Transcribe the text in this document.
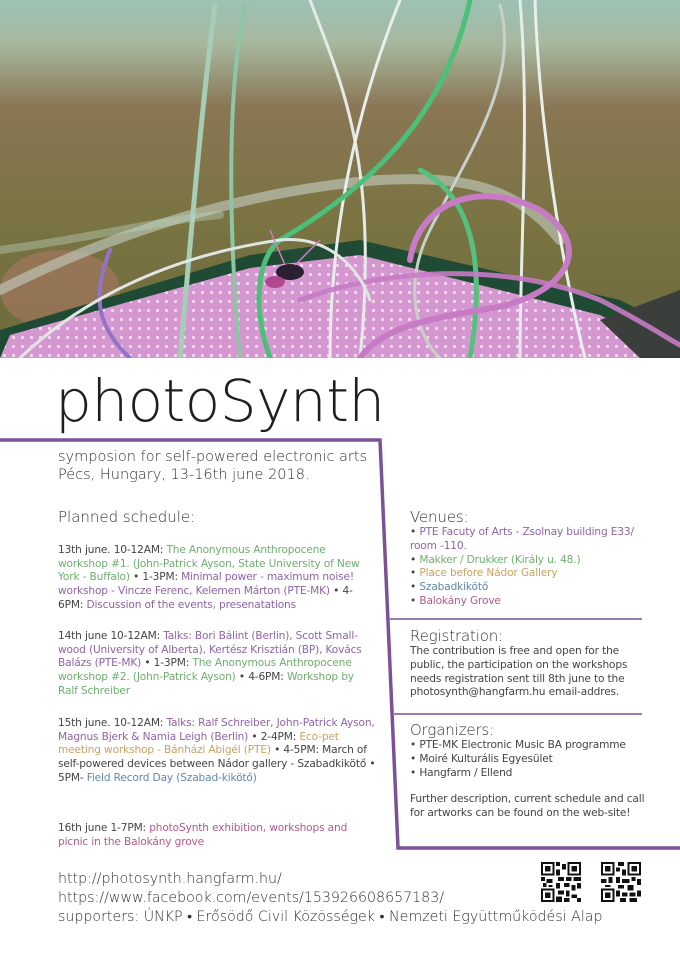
photoSynth
symposion for self-powered electronic arts
Pécs, Hungary, 13-16th june 2018.
Planned schedule:
13th june. 10-12AM: The Anonymous Anthropocene workshop #1. (John-Patrick Ayson, State University of New York - Buffalo) • 1-3PM: Minimal power - maximum noise! workshop - Vincze Ferenc, Kelemen Márton (PTE-MK) • 4-6PM: Discussion of the events, presenatations
14th june 10-12AM: Talks: Bori Bálint (Berlin), Scott Small-wood (University of Alberta), Kertész Krisztián (BP), Kovács Balázs (PTE-MK) • 1-3PM: The Anonymous Anthropocene workshop #2. (John-Patrick Ayson) • 4-6PM: Workshop by Ralf Schreiber
15th june. 10-12AM: Talks: Ralf Schreiber, John-Patrick Ayson, Magnus Bjerk & Namia Leigh (Berlin) • 2-4PM: Eco-pet meeting workshop - Bánházi Abigél (PTE) • 4-5PM: March of self-powered devices between Nádor gallery - Szabadkikötő • 5PM- Field Record Day (Szabad-kikötő)
16th june 1-7PM: photoSynth exhibition, workshops and picnic in the Balokány grove
Venues:
• PTE Facuty of Arts - Zsolnay building E33/ room -110.
• Makker / Drukker (Király u. 48.)
• Place before Nádor Gallery
• Szabadkikötő
• Balokány Grove
Registration:
The contribution is free and open for the public, the participation on the workshops needs registration sent till 8th june to the photosynth@hangfarm.hu email-addres.
Organizers:
• PTE-MK Electronic Music BA programme
• Moiré Kulturális Egyesület
• Hangfarm / Ellend
Further description, current schedule and call for artworks can be found on the web-site!
http://photosynth.hangfarm.hu/
https://www.facebook.com/events/153926608657183/
supporters: ÚNKP • Erősödő Civil Közösségek • Nemzeti Együttműködési Alap
